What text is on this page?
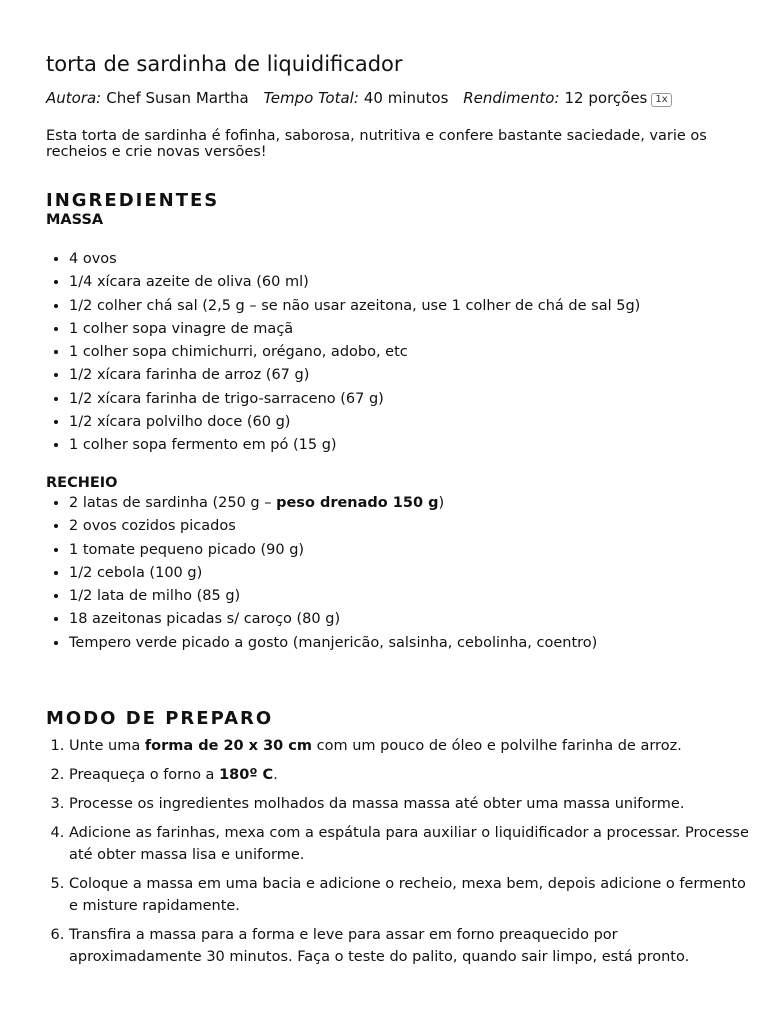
torta de sardinha de liquidificador
Autora: Chef Susan Martha Tempo Total: 40 minutos Rendimento: 12 porções 1x

Esta torta de sardinha é fofinha, saborosa, nutritiva e confere bastante saciedade, varie os recheios e crie novas versões!

INGREDIENTES
MASSA
• 4 ovos
• 1/4 xícara azeite de oliva (60 ml)
• 1/2 colher chá sal (2,5 g – se não usar azeitona, use 1 colher de chá de sal 5g)
• 1 colher sopa vinagre de maçã
• 1 colher sopa chimichurri, orégano, adobo, etc
• 1/2 xícara farinha de arroz (67 g)
• 1/2 xícara farinha de trigo-sarraceno (67 g)
• 1/2 xícara polvilho doce (60 g)
• 1 colher sopa fermento em pó (15 g)
RECHEIO
• 2 latas de sardinha (250 g – peso drenado 150 g)
• 2 ovos cozidos picados
• 1 tomate pequeno picado (90 g)
• 1/2 cebola (100 g)
• 1/2 lata de milho (85 g)
• 18 azeitonas picadas s/ caroço (80 g)
• Tempero verde picado a gosto (manjericão, salsinha, cebolinha, coentro)
MODO DE PREPARO
1. Unte uma forma de 20 x 30 cm com um pouco de óleo e polvilhe farinha de arroz.
2. Preaqueça o forno a 180º C.
3. Processe os ingredientes molhados da massa massa até obter uma massa uniforme.
4. Adicione as farinhas, mexa com a espátula para auxiliar o liquidificador a processar. Processe até obter massa lisa e uniforme.
5. Coloque a massa em uma bacia e adicione o recheio, mexa bem, depois adicione o fermento e misture rapidamente.
6. Transfira a massa para a forma e leve para assar em forno preaquecido por aproximadamente 30 minutos. Faça o teste do palito, quando sair limpo, está pronto.
